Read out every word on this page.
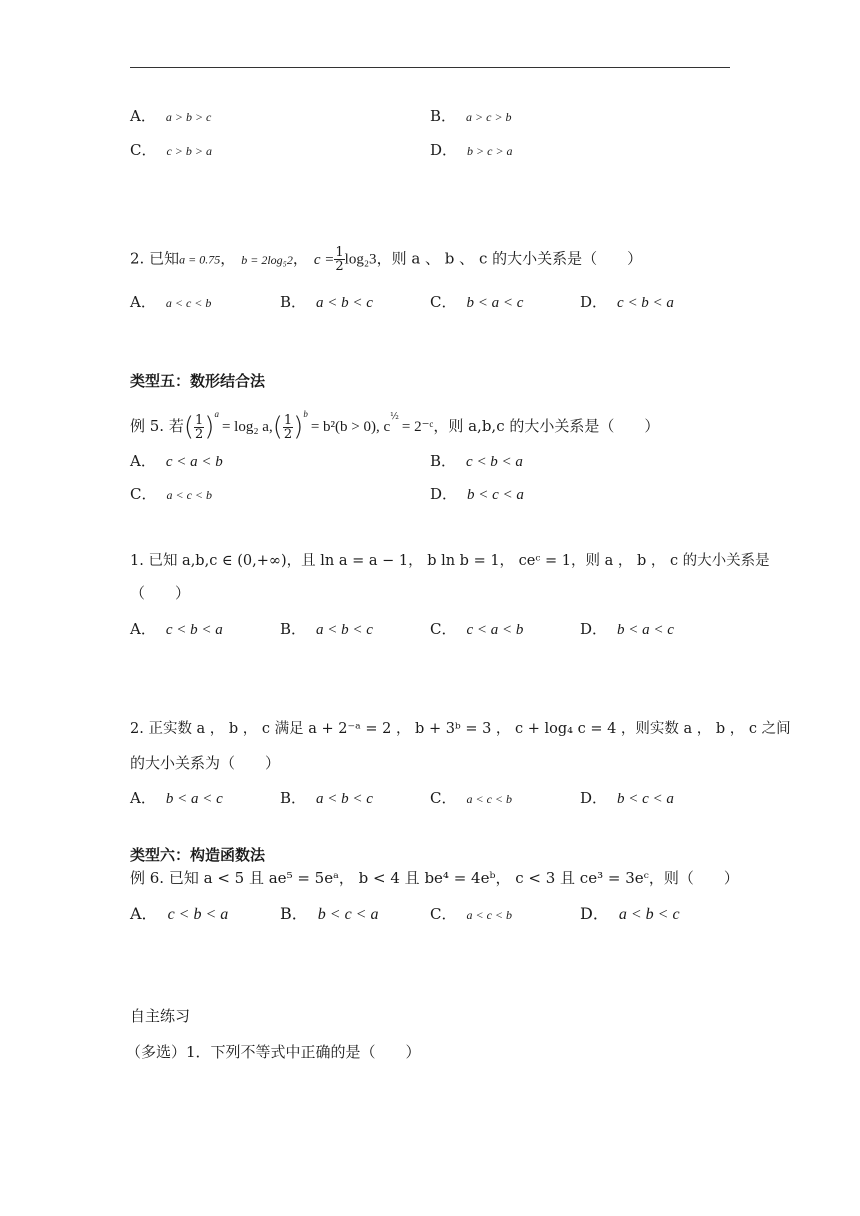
A． a > b > c	B． a > c > b
C． c > b > a	D． b > c > a
2. 已知a = 0.75， b = 2log₅2， $c = \frac{1}{2} \log_23$，则 a 、 b 、 c 的大小关系是（　　）
A． a < c < b	B． a < b < c	C． b < a < c	D． c < b < a
类型五：数形结合法
例 5. 若( $\frac{1}{2} )^a= \log_2$ $a,( \frac{1}{2} )^b= b^2(b > 0)$, $c^{\frac{1}{2}}=$ 2⁻ᶜ，则 a,b,c 的大小关系是（　　）
A． c < a < b	B． c < b < a
C． a < c < b	D． b < c < a
1. 已知 a,b,c ∈ (0,+∞)，且 ln a = a − 1， b ln b = 1， ceᶜ = 1，则 a ， b ， c 的大小关系是
（　　）
A． c < b < a	B． a < b < c	C． c < a < b	D． b < a < c
2. 正实数 a ， b ， c 满足 a + 2⁻ᵃ = 2 ， b + 3ᵇ = 3 ， c + log₄ c = 4 ，则实数 a ， b ， c 之间
的大小关系为（　　）
A． b < a < c	B． a < b < c	C． a < c < b	D． b < c < a
类型六：构造函数法
例 6. 已知 a < 5 且 ae⁵ = 5eᵃ， b < 4 且 be⁴ = 4eᵇ， c < 3 且 ce³ = 3eᶜ，则（　　）
A． c < b < a	B． b < c < a	C． a < c < b	D． a < b < c
自主练习
（多选）1．下列不等式中正确的是（　　）
